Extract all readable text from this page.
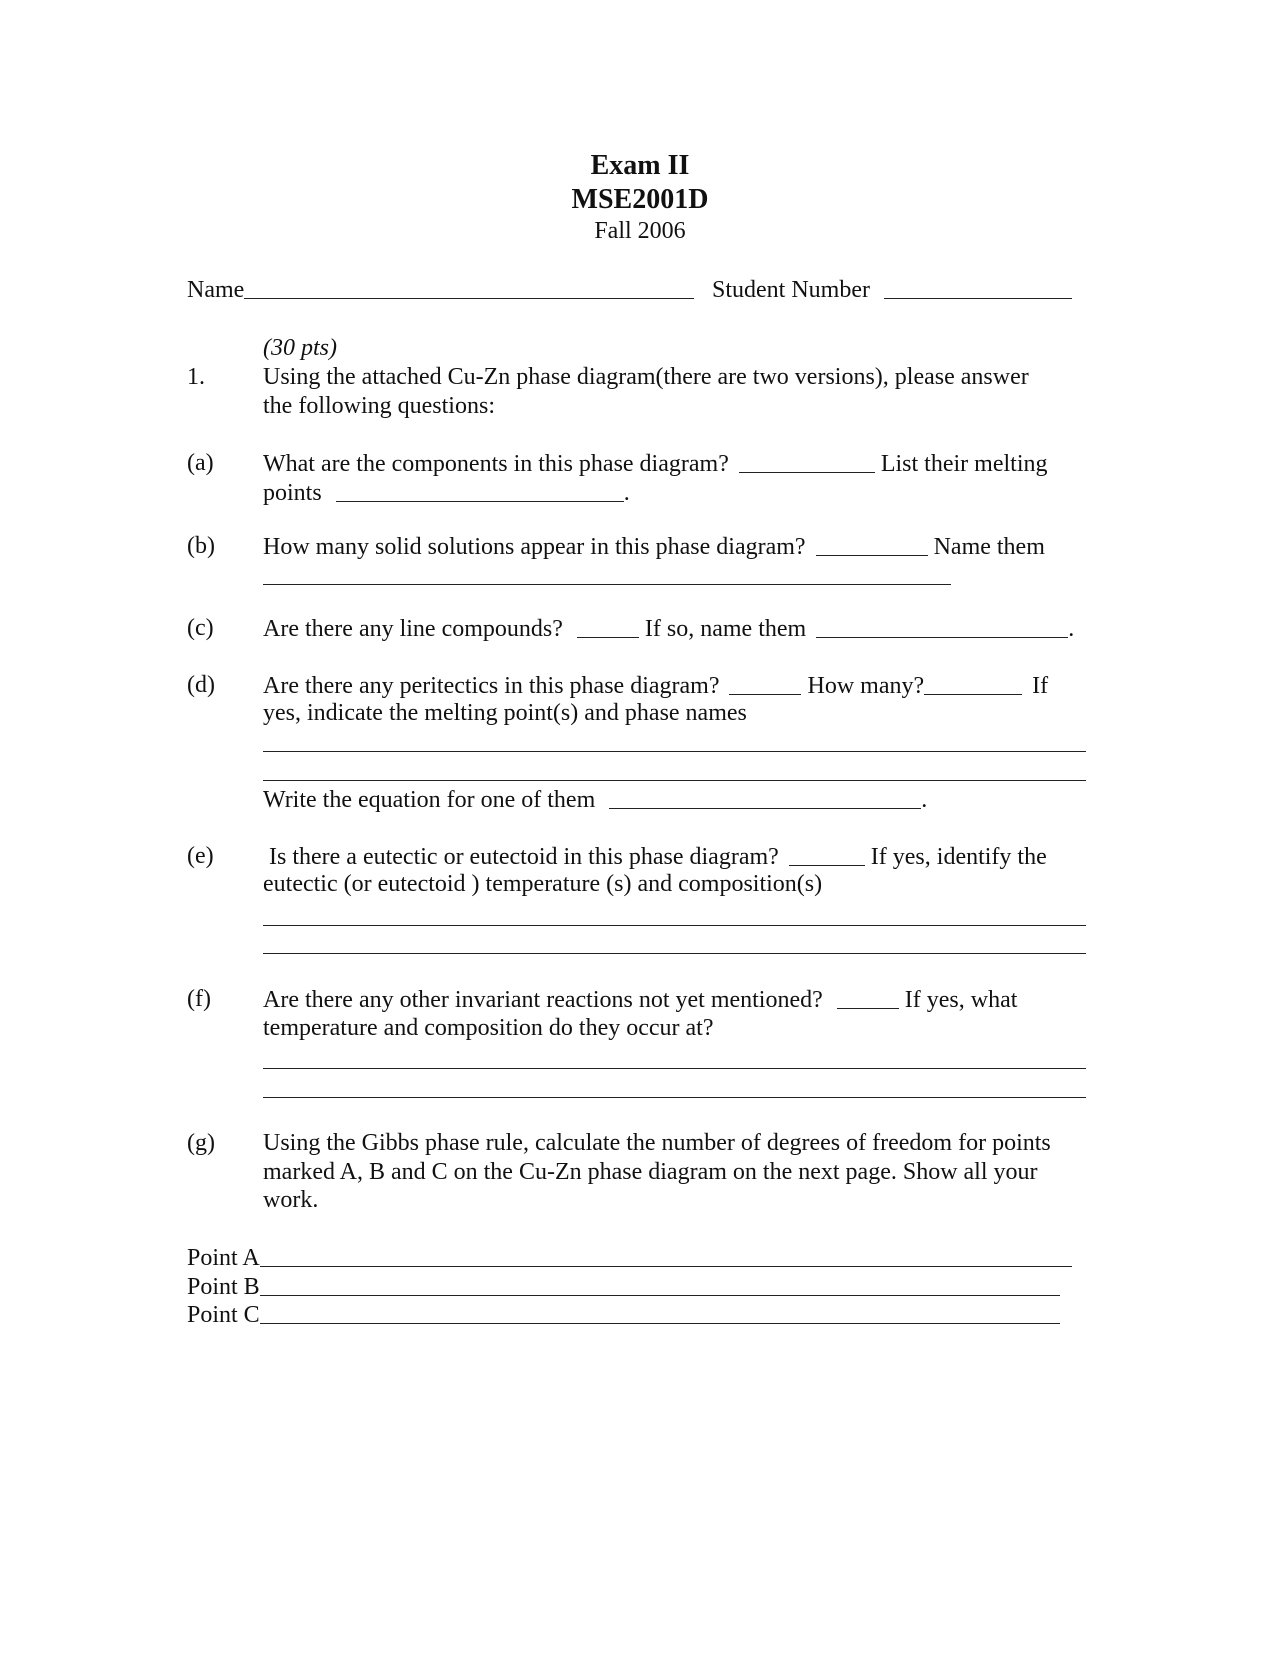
Exam II
MSE2001D
Fall 2006
Name	Student Number
(30 pts)
1. Using the attached Cu-Zn phase diagram(there are two versions), please answer
the following questions:
(a) What are the components in this phase diagram?	List their melting
points	.
(b) How many solid solutions appear in this phase diagram?	Name them
(c) Are there any line compounds?	If so, name them	.
(d) Are there any peritectics in this phase diagram?	How many?	If
yes, indicate the melting point(s) and phase names
Write the equation for one of them	.
(e) Is there a eutectic or eutectoid in this phase diagram?	If yes, identify the
eutectic (or eutectoid ) temperature (s) and composition(s)
(f) Are there any other invariant reactions not yet mentioned?	If yes, what
temperature and composition do they occur at?
(g) Using the Gibbs phase rule, calculate the number of degrees of freedom for points
marked A, B and C on the Cu-Zn phase diagram on the next page. Show all your
work.
Point A
Point B
Point C
